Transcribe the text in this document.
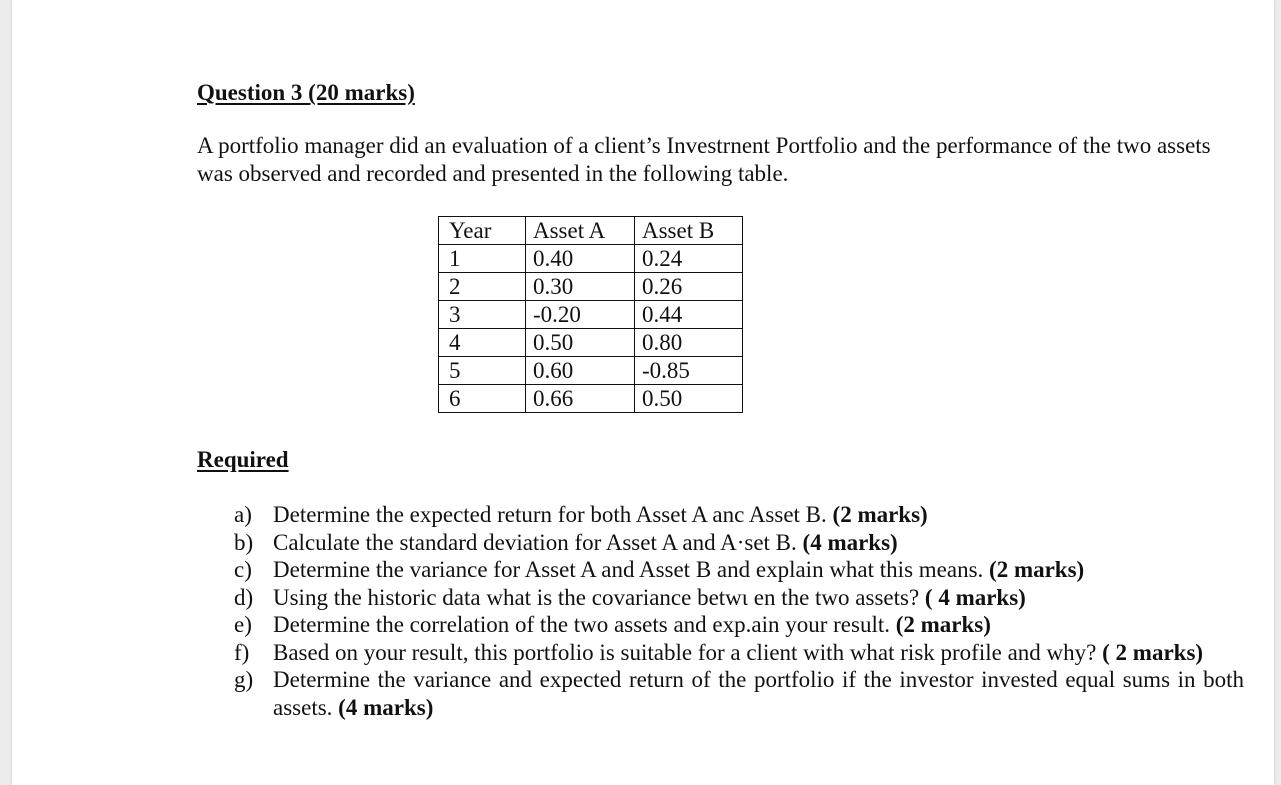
Question 3 (20 marks)
A portfolio manager did an evaluation of a client’s Investrnent Portfolio and the performance of the two assets was observed and recorded and presented in the following table.
Year	Asset A	Asset B
1	0.40	0.24
2	0.30	0.26
3	-0.20	0.44
4	0.50	0.80
5	0.60	-0.85
6	0.66	0.50
Required
a) Determine the expected return for both Asset A anc Asset B. (2 marks)
b) Calculate the standard deviation for Asset A and A·set B. (4 marks)
c) Determine the variance for Asset A and Asset B and explain what this means. (2 marks)
d) Using the historic data what is the covariance betwι en the two assets? ( 4 marks)
e) Determine the correlation of the two assets and exp.ain your result. (2 marks)
f) Based on your result, this portfolio is suitable for a client with what risk profile and why? ( 2 marks)
g) Determine the variance and expected return of the portfolio if the investor invested equal sums in both assets. (4 marks)
